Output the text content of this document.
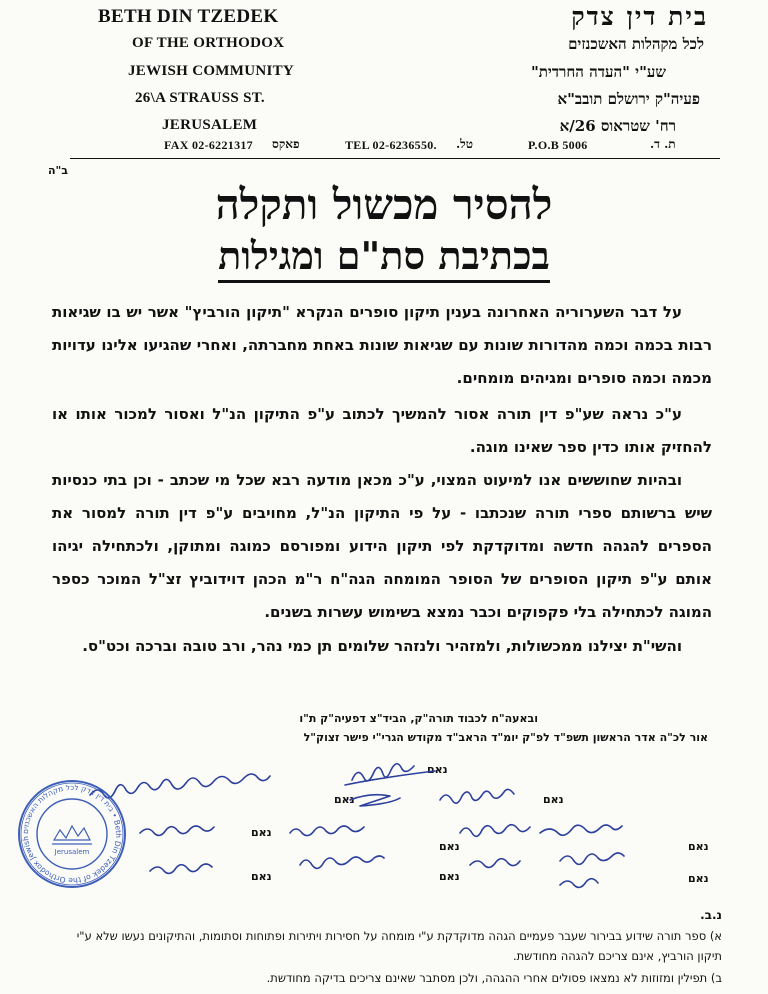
BETH DIN TZEDEK
OF THE ORTHODOX
JEWISH COMMUNITY
26\A STRAUSS ST.
JERUSALEM
בית דין צדק
לכל מקהלות האשכנזים
שע"י "העדה החרדית"
פעיה"ק ירושלם תובב"א
רח' שטראוס 26/א
FAX 02-6221317 פאקס	TEL 02-6236550. טל.	P.O.B 5006	ת. ד.
ב"ה
להסיר מכשול ותקלה
בכתיבת סת"ם ומגילות
על דבר השערוריה האחרונה בענין תיקון סופרים הנקרא "תיקון הורביץ" אשר יש בו שגיאות רבות בכמה וכמה מהדורות שונות עם שגיאות שונות באחת מחברתה, ואחרי שהגיעו אלינו עדויות מכמה וכמה סופרים ומגיהים מומחים.
ע"כ נראה שע"פ דין תורה אסור להמשיך לכתוב ע"פ התיקון הנ"ל ואסור למכור אותו או להחזיק אותו כדין ספר שאינו מוגה.
ובהיות שחוששים אנו למיעוט המצוי, ע"כ מכאן מודעה רבא שכל מי שכתב - וכן בתי כנסיות שיש ברשותם ספרי תורה שנכתבו - על פי התיקון הנ"ל, מחויבים ע"פ דין תורה למסור את הספרים להגהה חדשה ומדוקדקת לפי תיקון הידוע ומפורסם כמוגה ומתוקן, ולכתחילה יגיהו אותם ע"פ תיקון הסופרים של הסופר המומחה הגה"ח ר"מ הכהן דוידוביץ זצ"ל המוכר כספר המוגה לכתחילה בלי פקפוקים וכבר נמצא בשימוש עשרות בשנים.
והשי"ת יצילנו ממכשולות, ולמזהיר ולנזהר שלומים תן כמי נהר, ורב טובה וברכה וכט"ס.
ובאעה"ח לכבוד תורה"ק, הביד"צ דפעיה"ק ת"ו
אור לכ"ה אדר הראשון תשפ"ד לפ"ק יומ"ד הראב"ד מקודש הגרי"י פישר זצוק"ל
נאם
נאם	נאם
נאם
נאם	נאם
נאם	נאם	נאם
בית דין צדק לכל מקהלות האשכנזים • Beth Din Tzedek of the Orthodox Jewish
Jerusalem
נ.ב.
א) ספר תורה שידוע בבירור שעבר פעמיים הגהה מדוקדקת ע"י מומחה על חסירות ויתירות ופתוחות וסתומות, והתיקונים נעשו שלא ע"י תיקון הורביץ, אינם צריכם להגהה מחודשת.
ב) תפילין ומזוזות לא נמצאו פסולים אחרי ההגהה, ולכן מסתבר שאינם צריכים בדיקה מחודשת.
